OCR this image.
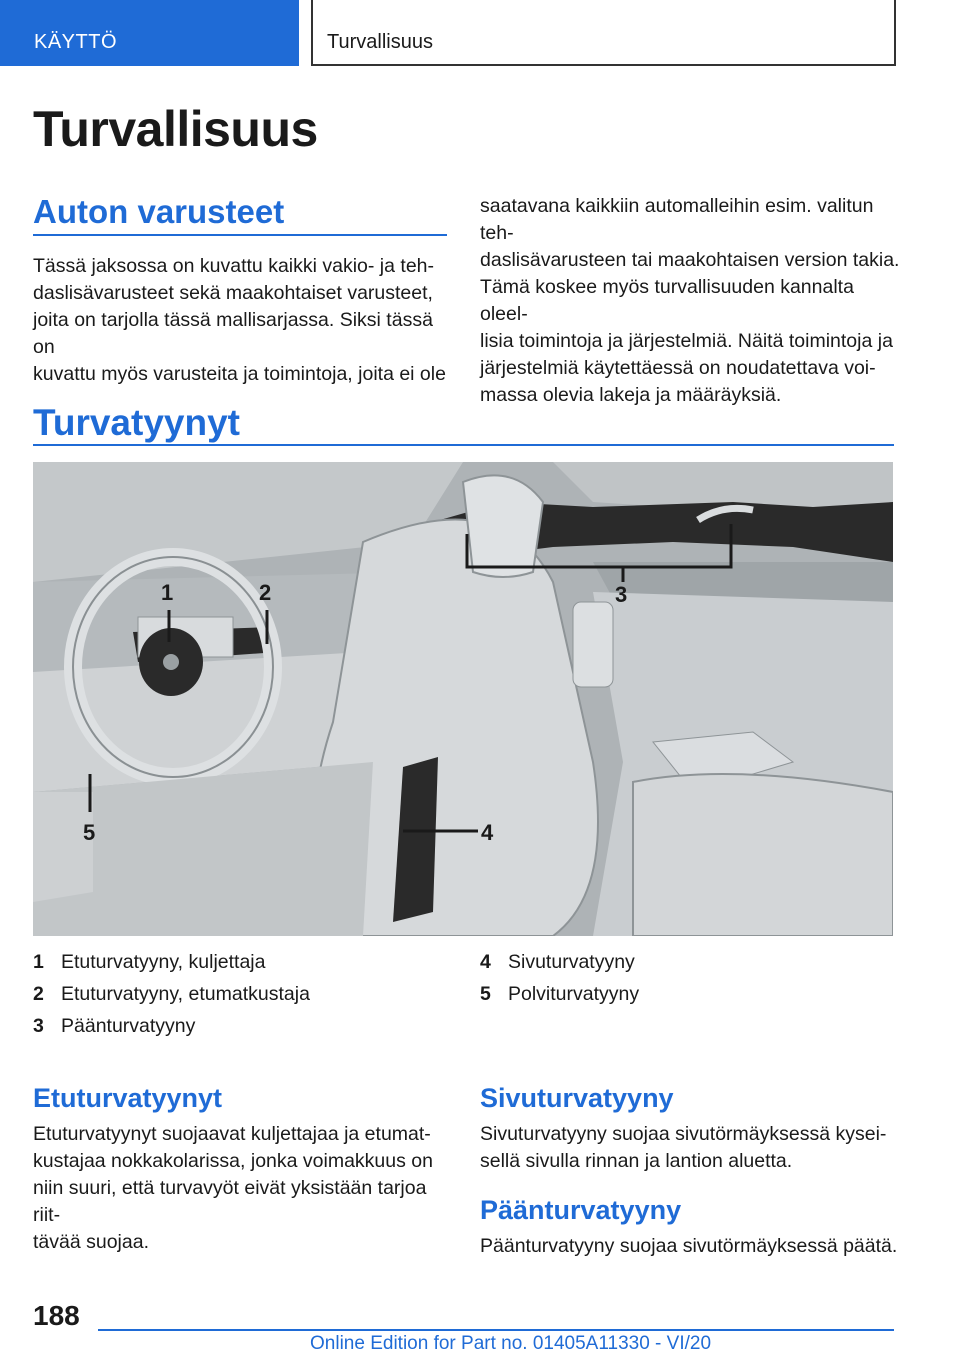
KÄYTTÖ	Turvallisuus
Turvallisuus
Auton varusteet
Tässä jaksossa on kuvattu kaikki vakio- ja teh-
daslisävarusteet sekä maakohtaiset varusteet,
joita on tarjolla tässä mallisarjassa. Siksi tässä on
kuvattu myös varusteita ja toimintoja, joita ei ole
saatavana kaikkiin automalleihin esim. valitun teh-
daslisävarusteen tai maakohtaisen version takia.
Tämä koskee myös turvallisuuden kannalta oleel-
lisia toimintoja ja järjestelmiä. Näitä toimintoja ja
järjestelmiä käytettäessä on noudatettava voi-
massa olevia lakeja ja määräyksiä.
Turvatyynyt
1	2	3
4
5
1 Etuturvatyyny, kuljettaja
2 Etuturvatyyny, etumatkustaja
3 Päänturvatyyny
4 Sivuturvatyyny
5 Polviturvatyyny
Etuturvatyynyt
Etuturvatyynyt suojaavat kuljettajaa ja etumat-
kustajaa nokkakolarissa, jonka voimakkuus on
niin suuri, että turvavyöt eivät yksistään tarjoa riit-
tävää suojaa.
Sivuturvatyyny
Sivuturvatyyny suojaa sivutörmäyksessä kysei-
sellä sivulla rinnan ja lantion aluetta.
Päänturvatyyny
Päänturvatyyny suojaa sivutörmäyksessä päätä.
188
Online Edition for Part no. 01405A11330 - VI/20
